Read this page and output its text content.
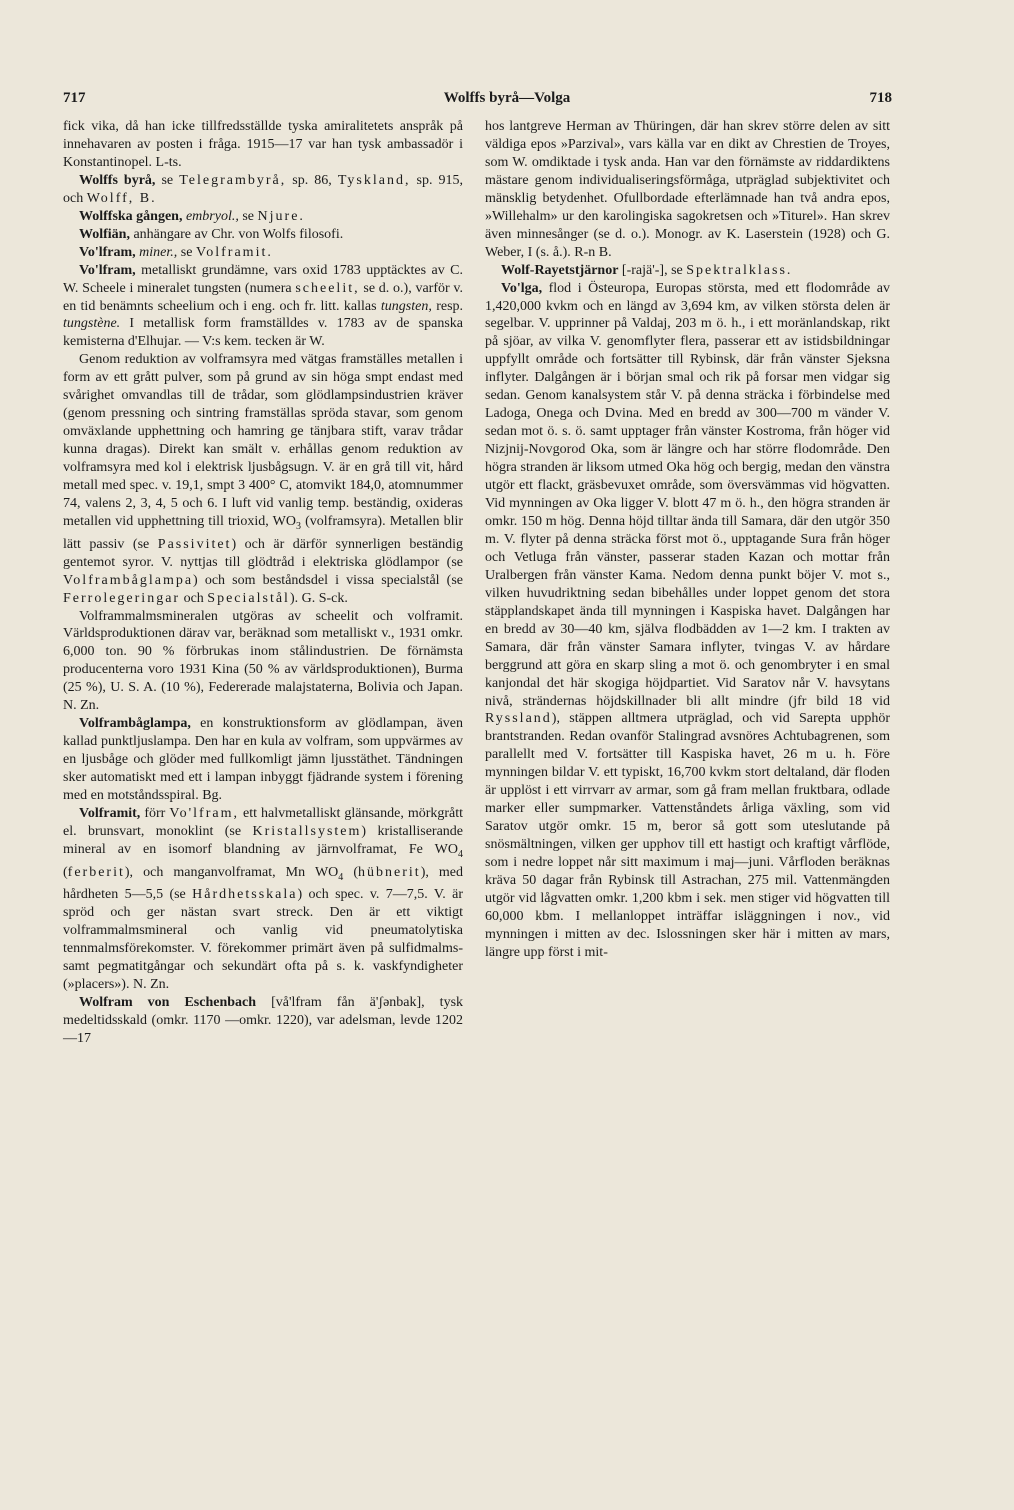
717	Wolffs byrå—Volga	718

fick vika, då han icke tillfredsställde tyska amiralitetets anspråk på innehavaren av posten i fråga. 1915—17 var han tysk ambassadör i Konstantinopel. L-ts.

Wolffs byrå, se Telegrambyrå, sp. 86, Tyskland, sp. 915, och Wolff, B.

Wolffska gången, embryol., se Njure.

Wolfiän, anhängare av Chr. von Wolfs filosofi.

Vo'lfram, miner., se Volframit.

Vo'lfram, metalliskt grundämne, vars oxid 1783 upptäcktes av C. W. Scheele i mineralet tungsten (numera scheelit, se d. o.), varför v. en tid benämnts scheelium och i eng. och fr. litt. kallas tungsten, resp. tungstène. I metallisk form framställdes v. 1783 av de spanska kemisterna d'Elhujar. — V:s kem. tecken är W.

Genom reduktion av volframsyra med vätgas framställes metallen i form av ett grått pulver, som på grund av sin höga smpt endast med svårighet omvandlas till de trådar, som glödlampsindustrien kräver (genom pressning och sintring framställas spröda stavar, som genom omväxlande upphettning och hamring ge tänjbara stift, varav trådar kunna dragas). Direkt kan smält v. erhållas genom reduktion av volframsyra med kol i elektrisk ljusbågsugn. V. är en grå till vit, hård metall med spec. v. 19,1, smpt 3 400° C, atomvikt 184,0, atomnummer 74, valens 2, 3, 4, 5 och 6. I luft vid vanlig temp. beständig, oxideras metallen vid upphettning till trioxid, $WO_3$ (volframsyra). Metallen blir lätt passiv (se Passivitet) och är därför synnerligen beständig gentemot syror. V. nyttjas till glödtråd i elektriska glödlampor (se Volframbåglampa) och som beståndsdel i vissa specialstål (se Ferrolegeringar och Specialstål). G. S-ck.

Volframmalmsmineralen utgöras av scheelit och volframit. Världsproduktionen därav var, beräknad som metalliskt v., 1931 omkr. 6,000 ton. 90 % förbrukas inom stålindustrien. De förnämsta producenterna voro 1931 Kina (50 % av världsproduktionen), Burma (25 %), U. S. A. (10 %), Federerade malajstaterna, Bolivia och Japan. N. Zn.

Volframbåglampa, en konstruktionsform av glödlampan, även kallad punktljuslampa. Den har en kula av volfram, som uppvärmes av en ljusbåge och glöder med fullkomligt jämn ljusstäthet. Tändningen sker automatiskt med ett i lampan inbyggt fjädrande system i förening med en motståndsspiral. Bg.

Volframit, förr Vo'lfram, ett halvmetalliskt glänsande, mörkgrått el. brunsvart, monoklint (se Kristallsystem) kristalliserande mineral av en isomorf blandning av järnvolframat, Fe $WO_4$ (ferberit), och manganvolframat, Mn $WO_4$ (hübnerit), med hårdheten 5—5,5 (se Hårdhetsskala) och spec. v. 7—7,5. V. är spröd och ger nästan svart streck. Den är ett viktigt volframmalmsmineral och vanlig vid pneumatolytiska tennmalmsförekomster. V. förekommer primärt även på sulfidmalms- samt pegmatitgångar och sekundärt ofta på s. k. vaskfyndigheter (»placers»). N. Zn.

Wolfram von Eschenbach [vå'lfram fån ä'ʃənbak], tysk medeltidsskald (omkr. 1170 —omkr. 1220), var adelsman, levde 1202—17

hos lantgreve Herman av Thüringen, där han skrev större delen av sitt väldiga epos »Parzival», vars källa var en dikt av Chrestien de Troyes, som W. omdiktade i tysk anda. Han var den förnämste av riddardiktens mästare genom individualiseringsförmåga, utpräglad subjektivitet och mänsklig betydenhet. Ofullbordade efterlämnade han två andra epos, »Willehalm» ur den karolingiska sagokretsen och »Titurel». Han skrev även minnesånger (se d. o.). Monogr. av K. Laserstein (1928) och G. Weber, I (s. å.). R-n B.

Wolf-Rayetstjärnor [-rajä'-], se Spektralklass.

Vo'lga, flod i Östeuropa, Europas största, med ett flodområde av 1,420,000 kvkm och en längd av 3,694 km, av vilken största delen är segelbar. V. upprinner på Valdaj, 203 m ö. h., i ett moränlandskap, rikt på sjöar, av vilka V. genomflyter flera, passerar ett av istidsbildningar uppfyllt område och fortsätter till Rybinsk, där från vänster Sjeksna inflyter. Dalgången är i början smal och rik på forsar men vidgar sig sedan. Genom kanalsystem står V. på denna sträcka i förbindelse med Ladoga, Onega och Dvina. Med en bredd av 300—700 m vänder V. sedan mot ö. s. ö. samt upptager från vänster Kostroma, från höger vid Nizjnij-Novgorod Oka, som är längre och har större flodområde. Den högra stranden är liksom utmed Oka hög och bergig, medan den vänstra utgör ett flackt, gräsbevuxet område, som översvämmas vid högvatten. Vid mynningen av Oka ligger V. blott 47 m ö. h., den högra stranden är omkr. 150 m hög. Denna höjd tilltar ända till Samara, där den utgör 350 m. V. flyter på denna sträcka först mot ö., upptagande Sura från höger och Vetluga från vänster, passerar staden Kazan och mottar från Uralbergen från vänster Kama. Nedom denna punkt böjer V. mot s., vilken huvudriktning sedan bibehålles under loppet genom det stora stäpplandskapet ända till mynningen i Kaspiska havet. Dalgången har en bredd av 30—40 km, själva flodbädden av 1—2 km. I trakten av Samara, där från vänster Samara inflyter, tvingas V. av hårdare berggrund att göra en skarp sling a mot ö. och genombryter i en smal kanjondal det här skogiga höjdpartiet. Vid Saratov når V. havsytans nivå, strändernas höjdskillnader bli allt mindre (jfr bild 18 vid Ryssland), stäppen alltmera utpräglad, och vid Sarepta upphör brantstranden. Redan ovanför Stalingrad avsnöres Achtubagrenen, som parallellt med V. fortsätter till Kaspiska havet, 26 m u. h. Före mynningen bildar V. ett typiskt, 16,700 kvkm stort deltaland, där floden är upplöst i ett virrvarr av armar, som gå fram mellan fruktbara, odlade marker eller sumpmarker. Vattenståndets årliga växling, som vid Saratov utgör omkr. 15 m, beror så gott som uteslutande på snösmältningen, vilken ger upphov till ett hastigt och kraftigt vårflöde, som i nedre loppet når sitt maximum i maj—juni. Vårfloden beräknas kräva 50 dagar från Rybinsk till Astrachan, 275 mil. Vattenmängden utgör vid lågvatten omkr. 1,200 kbm i sek. men stiger vid högvatten till 60,000 kbm. I mellanloppet inträffar isläggningen i nov., vid mynningen i mitten av dec. Islossningen sker här i mitten av mars, längre upp först i mit-
